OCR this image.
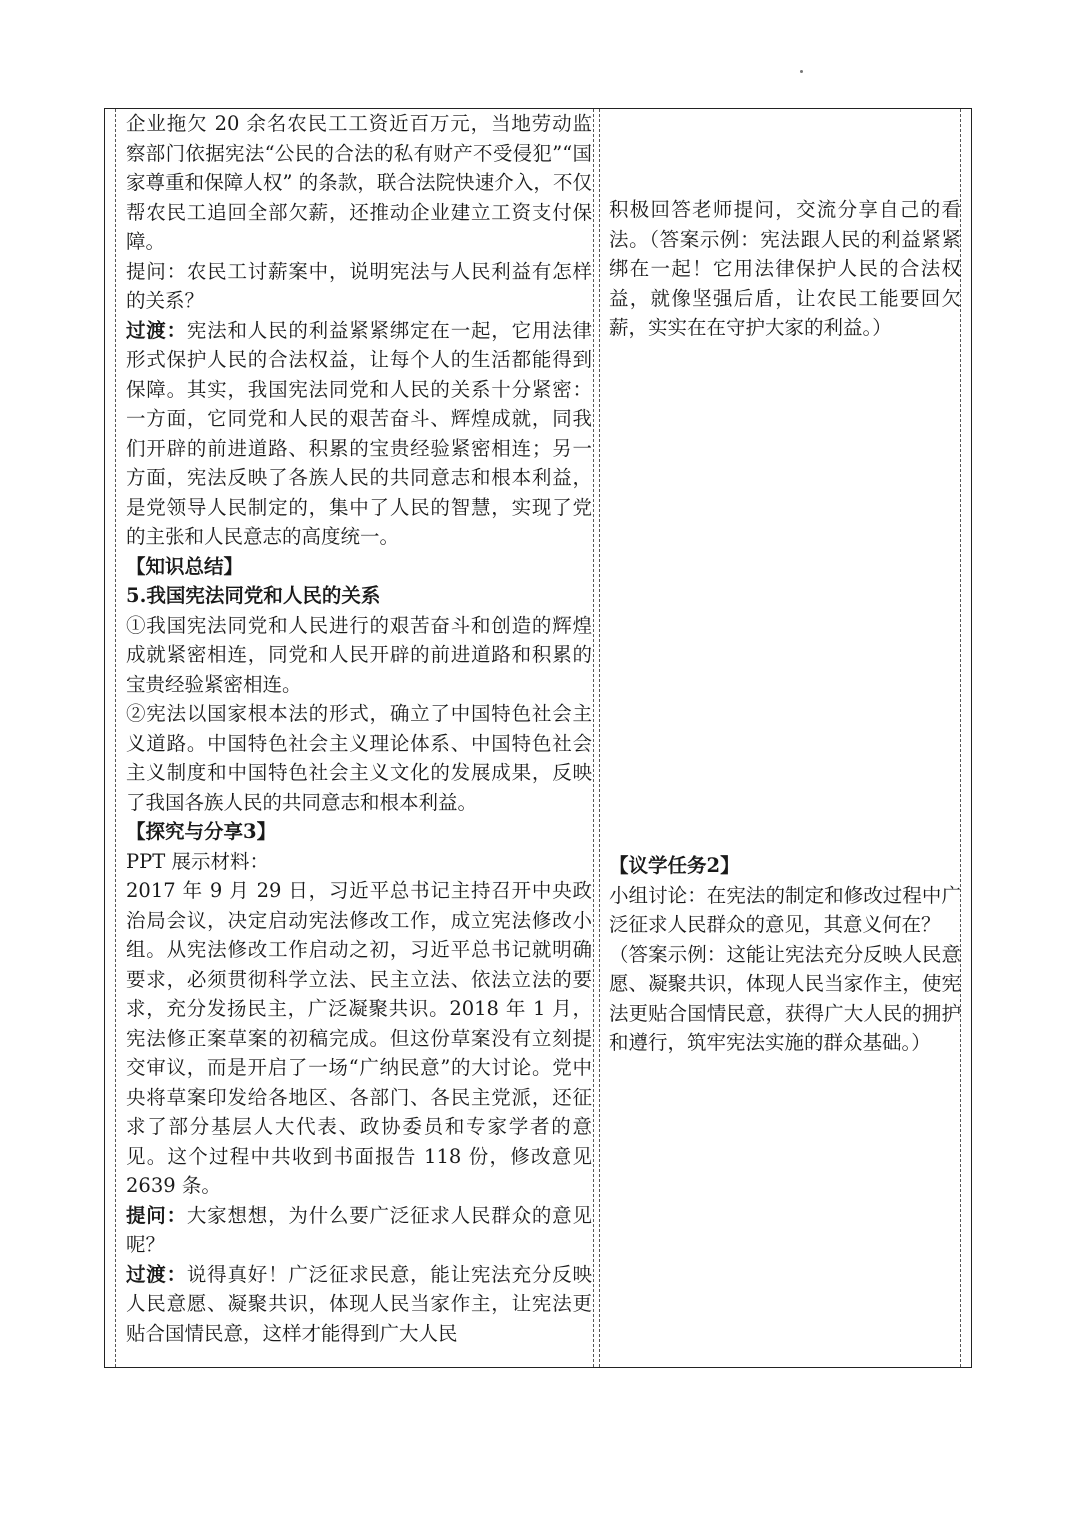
企业拖欠 20 余名农民工工资近百万元，当地劳动监察部门依据宪法“公民的合法的私有财产不受侵犯”“国家尊重和保障人权” 的条款，联合法院快速介入，不仅帮农民工追回全部欠薪，还推动企业建立工资支付保障。

提问：农民工讨薪案中，说明宪法与人民利益有怎样的关系？

过渡：宪法和人民的利益紧紧绑定在一起，它用法律形式保护人民的合法权益，让每个人的生活都能得到保障。其实，我国宪法同党和人民的关系十分紧密：一方面，它同党和人民的艰苦奋斗、辉煌成就，同我们开辟的前进道路、积累的宝贵经验紧密相连；另一方面，宪法反映了各族人民的共同意志和根本利益，是党领导人民制定的，集中了人民的智慧，实现了党的主张和人民意志的高度统一。

【知识总结】

5.我国宪法同党和人民的关系

①我国宪法同党和人民进行的艰苦奋斗和创造的辉煌成就紧密相连，同党和人民开辟的前进道路和积累的宝贵经验紧密相连。

②宪法以国家根本法的形式，确立了中国特色社会主义道路。中国特色社会主义理论体系、中国特色社会主义制度和中国特色社会主义文化的发展成果，反映了我国各族人民的共同意志和根本利益。

【探究与分享3】

PPT 展示材料：

2017 年 9 月 29 日，习近平总书记主持召开中央政治局会议，决定启动宪法修改工作，成立宪法修改小组。从宪法修改工作启动之初，习近平总书记就明确要求，必须贯彻科学立法、民主立法、依法立法的要求，充分发扬民主，广泛凝聚共识。2018 年 1 月，宪法修正案草案的初稿完成。但这份草案没有立刻提交审议，而是开启了一场“广纳民意”的大讨论。党中央将草案印发给各地区、各部门、各民主党派，还征求了部分基层人大代表、政协委员和专家学者的意见。这个过程中共收到书面报告 118 份，修改意见 2639 条。

提问：大家想想，为什么要广泛征求人民群众的意见呢？

过渡：说得真好！广泛征求民意，能让宪法充分反映人民意愿、凝聚共识，体现人民当家作主，让宪法更贴合国情民意，这样才能得到广大人民

积极回答老师提问，交流分享自己的看法。（答案示例：宪法跟人民的利益紧紧绑在一起！它用法律保护人民的合法权益，就像坚强后盾，让农民工能要回欠薪，实实在在守护大家的利益。）

【议学任务2】

小组讨论：在宪法的制定和修改过程中广泛征求人民群众的意见，其意义何在？

（答案示例：这能让宪法充分反映人民意愿、凝聚共识，体现人民当家作主，使宪法更贴合国情民意，获得广大人民的拥护和遵行，筑牢宪法实施的群众基础。）
